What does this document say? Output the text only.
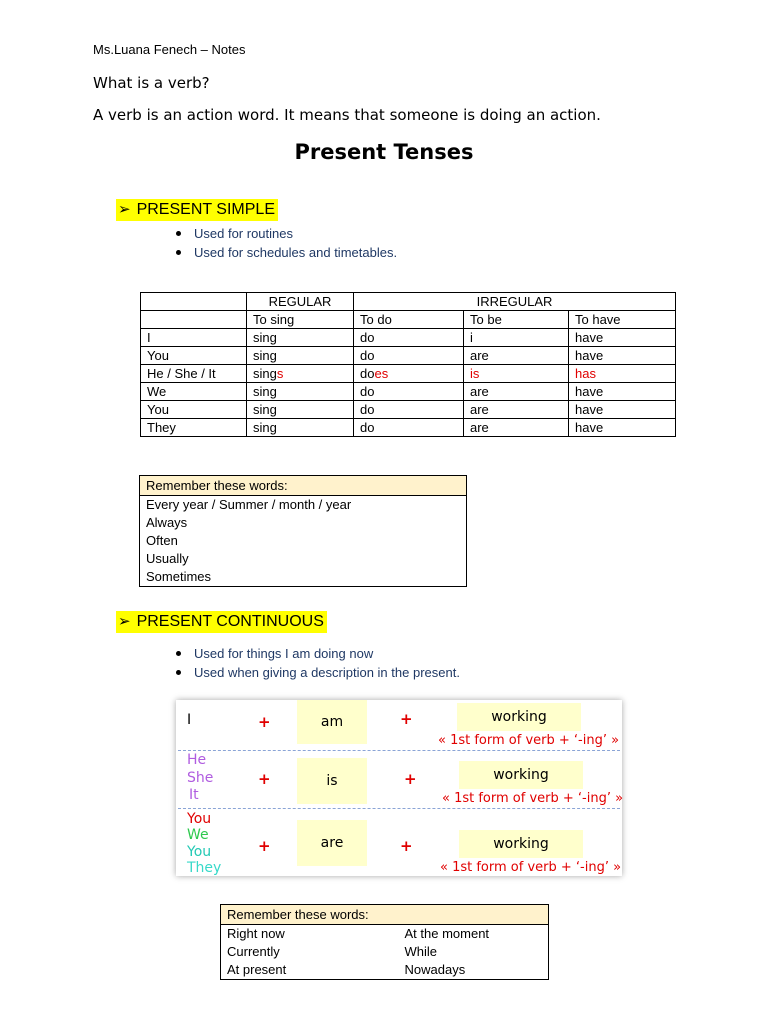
Ms.Luana Fenech – Notes
What is a verb?
A verb is an action word. It means that someone is doing an action.
Present Tenses
➢ PRESENT SIMPLE
Used for routines
Used for schedules and timetables.
	REGULAR	IRREGULAR		
	To sing	To do	To be	To have
I	sing	do	i	have
You	sing	do	are	have
He / She / It	sings	does	is	has
We	sing	do	are	have
You	sing	do	are	have
They	sing	do	are	have
Remember these words:
Every year / Summer / month / year
Always
Often
Usually
Sometimes
➢ PRESENT CONTINUOUS
Used for things I am doing now
Used when giving a description in the present.
I	+	am	+	working
« 1st form of verb + ‘-ing’ »
He
She
It
+	is	+	working
« 1st form of verb + ‘-ing’ »
You
We
You
They
+	are	+	working
« 1st form of verb + ‘-ing’ »
Remember these words:
Right now	At the moment
Currently	While
At present	Nowadays
